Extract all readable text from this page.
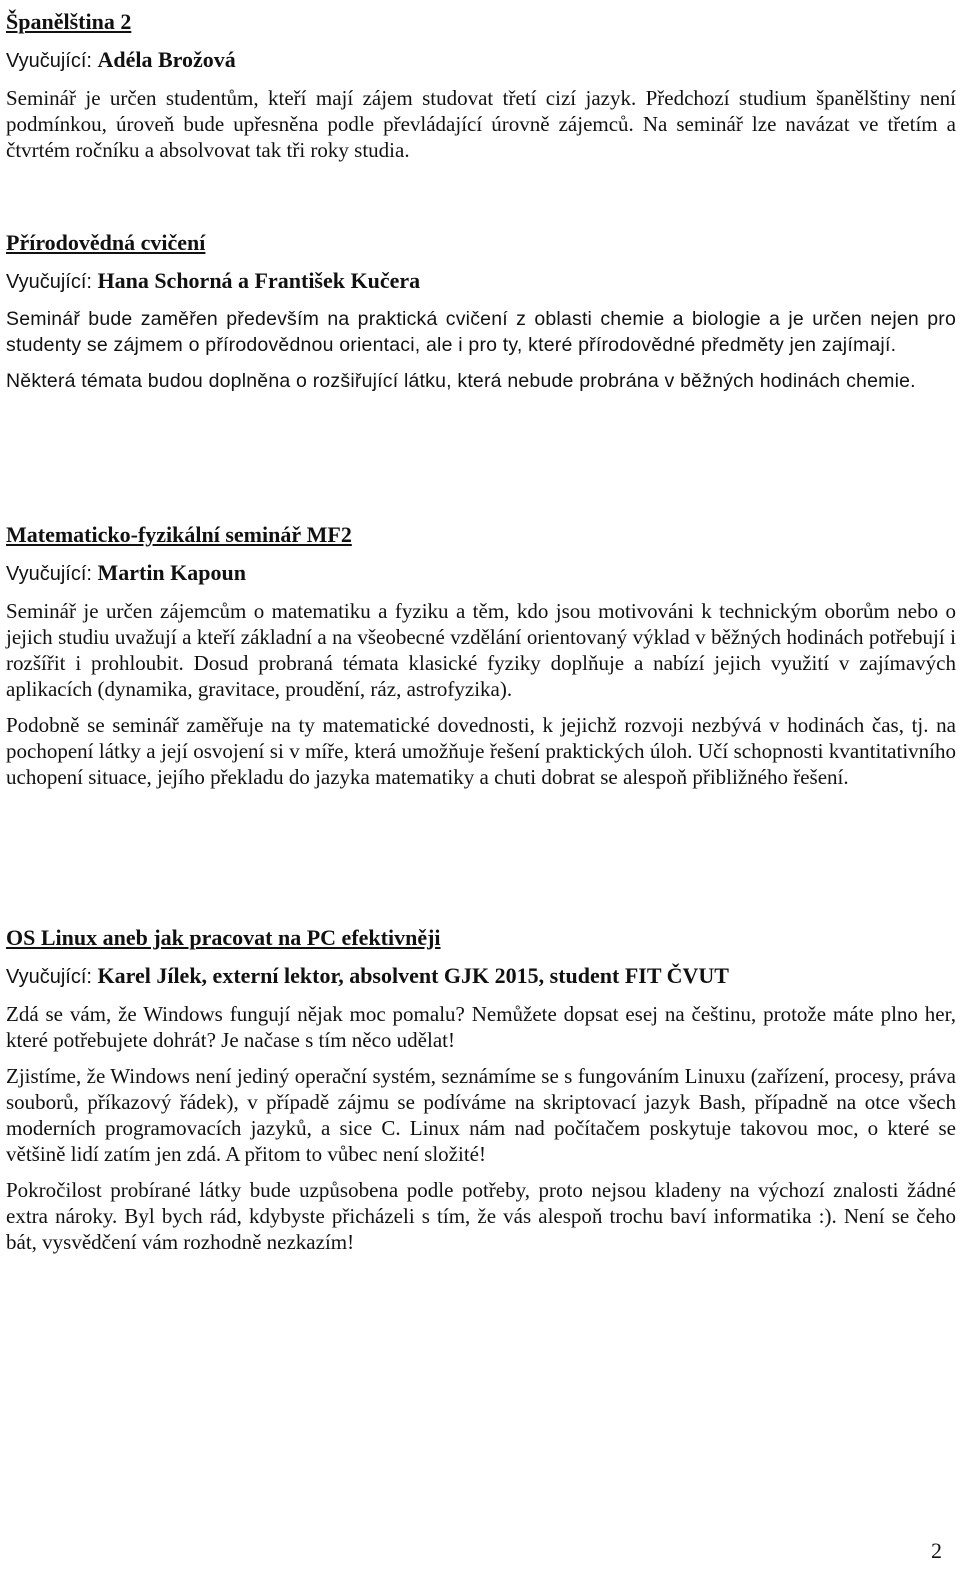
Španělština 2
Vyučující: Adéla Brožová

Seminář je určen studentům, kteří mají zájem studovat třetí cizí jazyk. Předchozí studium španělštiny není podmínkou, úroveň bude upřesněna podle převládající úrovně zájemců. Na seminář lze navázat ve třetím a čtvrtém ročníku a absolvovat tak tři roky studia.

Přírodovědná cvičení
Vyučující: Hana Schorná a František Kučera

Seminář bude zaměřen především na praktická cvičení z oblasti chemie a biologie a je určen nejen pro studenty se zájmem o přírodovědnou orientaci, ale i pro ty, které přírodovědné předměty jen zajímají.

Některá témata budou doplněna o rozšiřující látku, která nebude probrána v běžných hodinách chemie.

Matematicko-fyzikální seminář MF2
Vyučující: Martin Kapoun

Seminář je určen zájemcům o matematiku a fyziku a těm, kdo jsou motivováni k technickým oborům nebo o jejich studiu uvažují a kteří základní a na všeobecné vzdělání orientovaný výklad v běžných hodinách potřebují i rozšířit i prohloubit. Dosud probraná témata klasické fyziky doplňuje a nabízí jejich využití v zajímavých aplikacích (dynamika, gravitace, proudění, ráz, astrofyzika).

Podobně se seminář zaměřuje na ty matematické dovednosti, k jejichž rozvoji nezbývá v hodinách čas, tj. na pochopení látky a její osvojení si v míře, která umožňuje řešení praktických úloh. Učí schopnosti kvantitativního uchopení situace, jejího překladu do jazyka matematiky a chuti dobrat se alespoň přibližného řešení.

OS Linux aneb jak pracovat na PC efektivněji
Vyučující: Karel Jílek, externí lektor, absolvent GJK 2015, student FIT ČVUT

Zdá se vám, že Windows fungují nějak moc pomalu? Nemůžete dopsat esej na češtinu, protože máte plno her, které potřebujete dohrát? Je načase s tím něco udělat!

Zjistíme, že Windows není jediný operační systém, seznámíme se s fungováním Linuxu (zařízení, procesy, práva souborů, příkazový řádek), v případě zájmu se podíváme na skriptovací jazyk Bash, případně na otce všech moderních programovacích jazyků, a sice C. Linux nám nad počítačem poskytuje takovou moc, o které se většině lidí zatím jen zdá. A přitom to vůbec není složité!

Pokročilost probírané látky bude uzpůsobena podle potřeby, proto nejsou kladeny na výchozí znalosti žádné extra nároky. Byl bych rád, kdybyste přicházeli s tím, že vás alespoň trochu baví informatika :). Není se čeho bát, vysvědčení vám rozhodně nezkazím!

2
